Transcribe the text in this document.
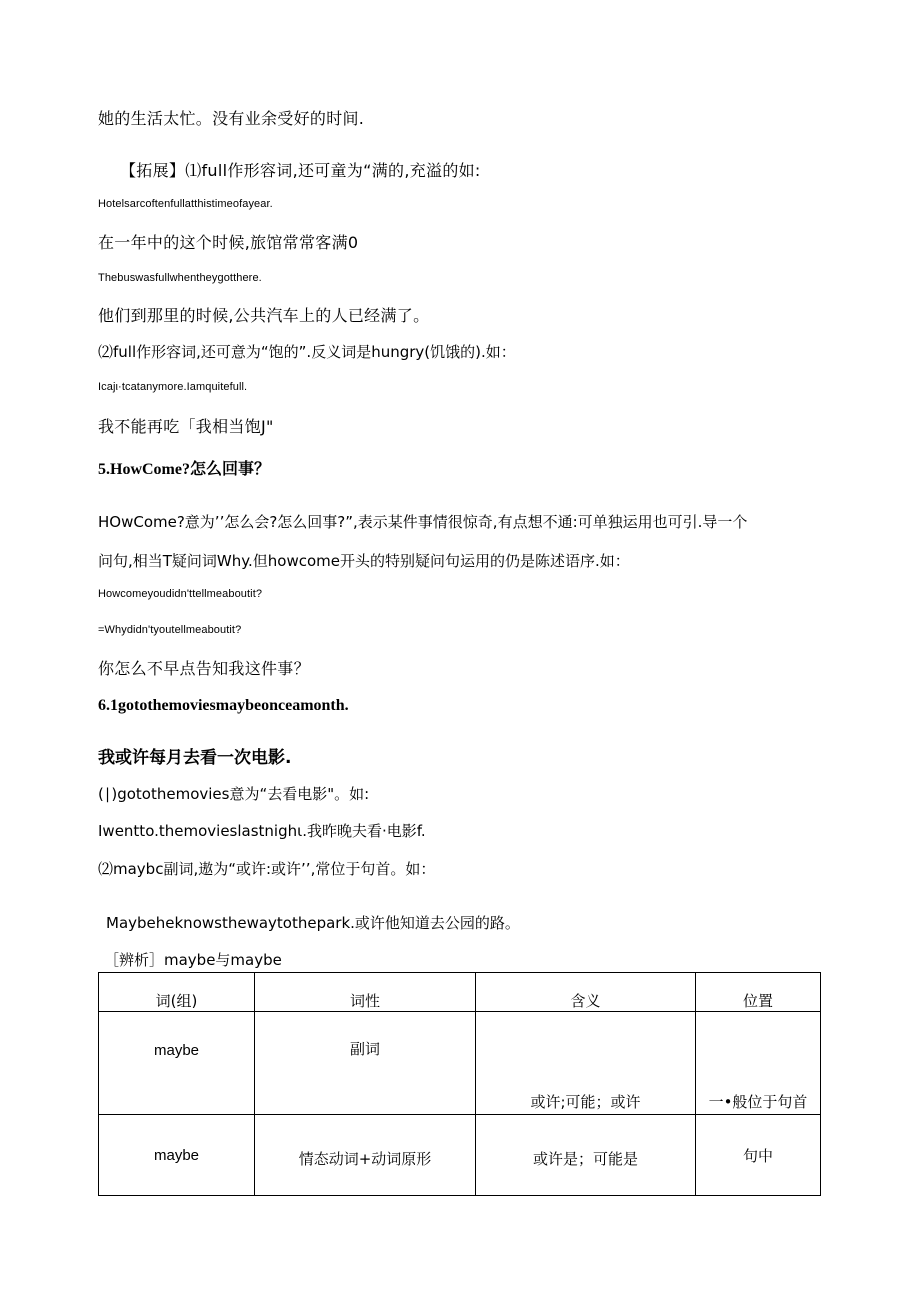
她的生活太忙。没有业余受好的时间.
【拓展】⑴full作形容词,还可童为“满的,充溢的如:
Hotelsarcoftenfullatthistimeofayear.
在一年中的这个时候,旅馆常常客满0
Thebuswasfullwhentheygotthere.
他们到那里的时候,公共汽车上的人已经满了。
⑵full作形容词,还可意为“饱的”.反义词是hungry(饥饿的).如：
Icajι·tcatanymore.Iamquitefull.
我不能再吃「我相当饱J"
5.HowCome?怎么回事？
HOwCome?意为’’怎么会?怎么回事?”,表示某件事情很惊奇,有点想不通:可单独运用也可引.导一个
问句,相当T疑问词Why.但howcome开头的特别疑问句运用的仍是陈述语序.如：
Howcomeyoudidn'ttellmeaboutit?
=Whydidn'tyoutellmeaboutit?
你怎么不早点告知我这件事？
6.1gotothemoviesmaybeonceamonth.
我或许每月去看一次电影.
(∣)gotothemovies意为“去看电影"。如:
Iwentto.themovieslastnighι.我昨晚夫看·电影f.
⑵maybc副词,遨为“或许:或许’’,常位于句首。如：
Maybeheknowsthewaytothepark.或许他知道去公园的路。
［辨析］maybe与maybe
词(组)	词性	含义	位置
maybe	副词	或许;可能；或许	一•般位于句首
maybe	情态动词+动词原形	或许是；可能是	句中
